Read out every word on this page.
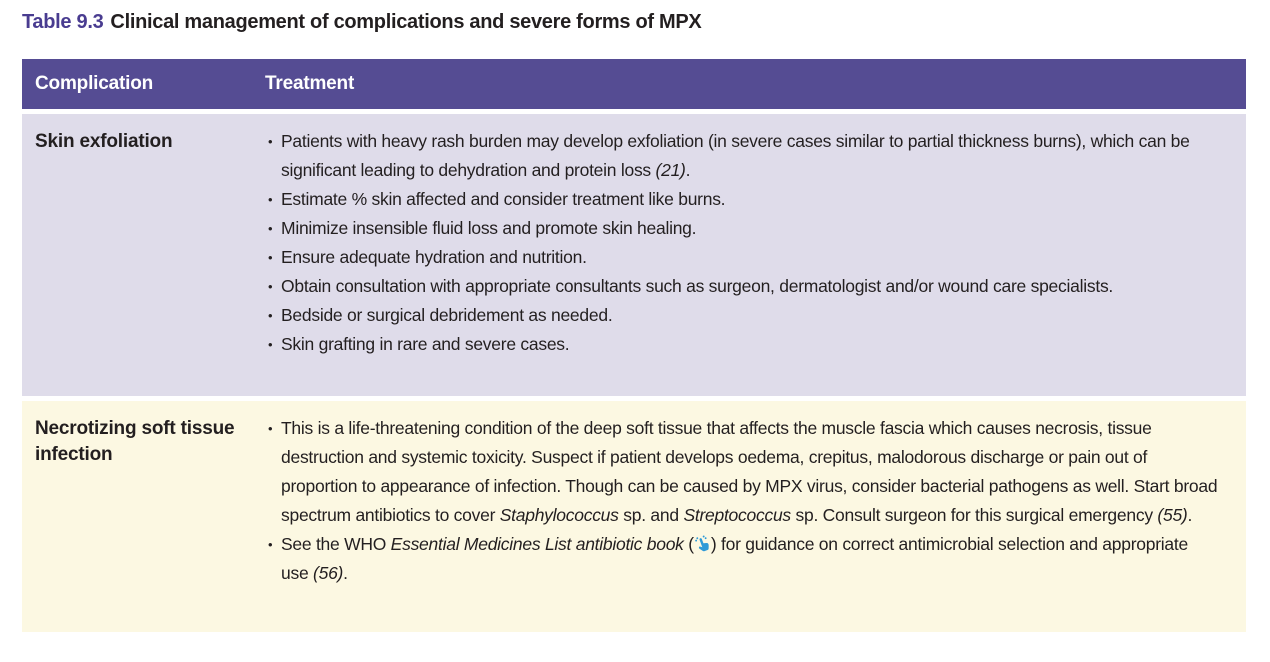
Table 9.3 Clinical management of complications and severe forms of MPX
Complication	Treatment
Skin exfoliation	• Patients with heavy rash burden may develop exfoliation (in severe cases similar to partial thickness burns), which can be significant leading to dehydration and protein loss (21).
• Estimate % skin affected and consider treatment like burns.
• Minimize insensible fluid loss and promote skin healing.
• Ensure adequate hydration and nutrition.
• Obtain consultation with appropriate consultants such as surgeon, dermatologist and/or wound care specialists.
• Bedside or surgical debridement as needed.
• Skin grafting in rare and severe cases.
Necrotizing soft tissue infection
• This is a life-threatening condition of the deep soft tissue that affects the muscle fascia which causes necrosis, tissue destruction and systemic toxicity. Suspect if patient develops oedema, crepitus, malodorous discharge or pain out of proportion to appearance of infection. Though can be caused by MPX virus, consider bacterial pathogens as well. Start broad spectrum antibiotics to cover Staphylococcus sp. and Streptococcus sp. Consult surgeon for this surgical emergency (55).
• See the WHO Essential Medicines List antibiotic book ( ) for guidance on correct antimicrobial selection and appropriate use (56).
